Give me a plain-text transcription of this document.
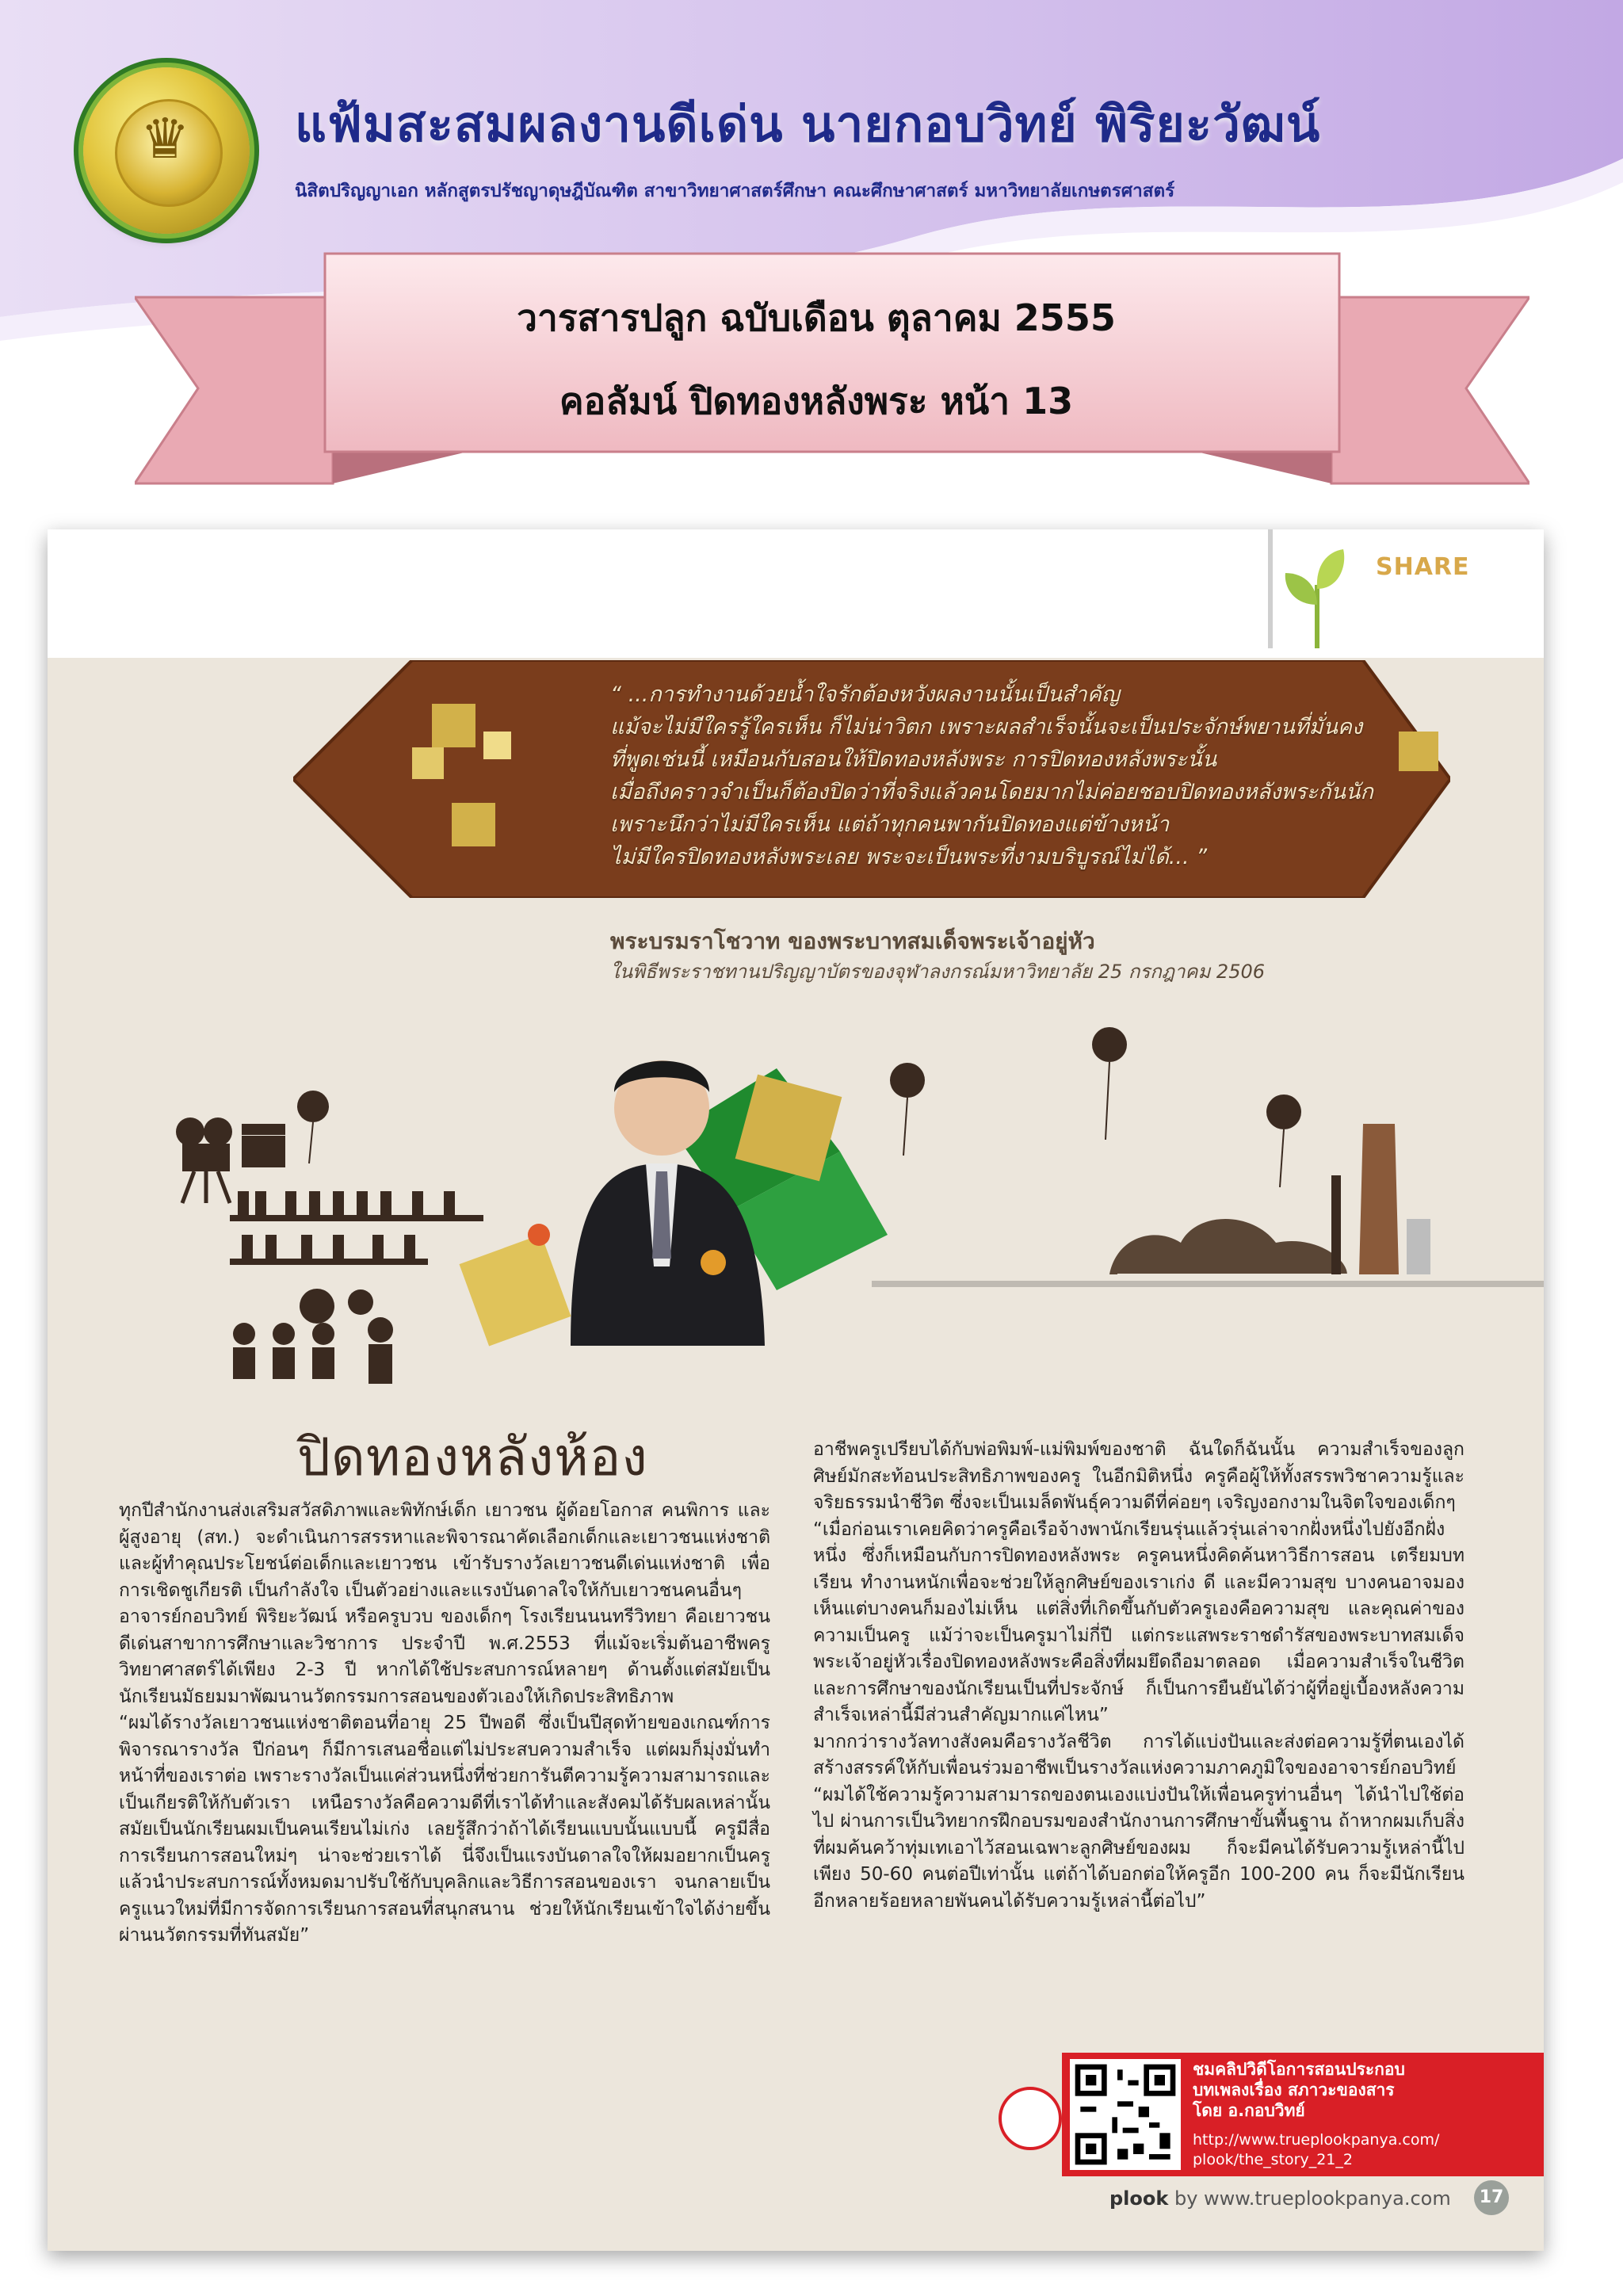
♛ แฟ้มสะสมผลงานดีเด่น นายกอบวิทย์ พิริยะวัฒน์
นิสิตปริญญาเอก หลักสูตรปรัชญาดุษฎีบัณฑิต สาขาวิทยาศาสตร์ศึกษา คณะศึกษาศาสตร์ มหาวิทยาลัยเกษตรศาสตร์
วารสารปลูก ฉบับเดือน ตุลาคม 2555
คอลัมน์ ปิดทองหลังพระ หน้า 13
SHARE
“ ...การทำงานด้วยน้ำใจรักต้องหวังผลงานนั้นเป็นสำคัญ
แม้จะไม่มีใครรู้ใครเห็น ก็ไม่น่าวิตก เพราะผลสำเร็จนั้นจะเป็นประจักษ์พยานที่มั่นคง
ที่พูดเช่นนี้ เหมือนกับสอนให้ปิดทองหลังพระ การปิดทองหลังพระนั้น
เมื่อถึงคราวจำเป็นก็ต้องปิดว่าที่จริงแล้วคนโดยมากไม่ค่อยชอบปิดทองหลังพระกันนัก
เพราะนึกว่าไม่มีใครเห็น แต่ถ้าทุกคนพากันปิดทองแต่ข้างหน้า
ไม่มีใครปิดทองหลังพระเลย พระจะเป็นพระที่งามบริบูรณ์ไม่ได้... ”
พระบรมราโชวาท ของพระบาทสมเด็จพระเจ้าอยู่หัว
ในพิธีพระราชทานปริญญาบัตรของจุฬาลงกรณ์มหาวิทยาลัย 25 กรกฎาคม 2506
ปิดทองหลังห้อง
ทุกปีสำนักงานส่งเสริมสวัสดิภาพและพิทักษ์เด็ก เยาวชน ผู้ด้อยโอกาส คนพิการ และผู้สูงอายุ (สท.) จะดำเนินการสรรหาและพิจารณาคัดเลือกเด็กและเยาวชนแห่งชาติ และผู้ทำคุณประโยชน์ต่อเด็กและเยาวชน เข้ารับรางวัลเยาวชนดีเด่นแห่งชาติ เพื่อการเชิดชูเกียรติ เป็นกำลังใจ เป็นตัวอย่างและแรงบันดาลใจให้กับเยาวชนคนอื่นๆ
อาจารย์กอบวิทย์ พิริยะวัฒน์ หรือครูบวบ ของเด็กๆ โรงเรียนนนทรีวิทยา คือเยาวชนดีเด่นสาขาการศึกษาและวิชาการ ประจำปี พ.ศ.2553 ที่แม้จะเริ่มต้นอาชีพครูวิทยาศาสตร์ได้เพียง 2-3 ปี หากได้ใช้ประสบการณ์หลายๆ ด้านตั้งแต่สมัยเป็นนักเรียนมัธยมมาพัฒนานวัตกรรมการสอนของตัวเองให้เกิดประสิทธิภาพ
“ผมได้รางวัลเยาวชนแห่งชาติตอนที่อายุ 25 ปีพอดี ซึ่งเป็นปีสุดท้ายของเกณฑ์การพิจารณารางวัล ปีก่อนๆ ก็มีการเสนอชื่อแต่ไม่ประสบความสำเร็จ แต่ผมก็มุ่งมั่นทำหน้าที่ของเราต่อ เพราะรางวัลเป็นแค่ส่วนหนึ่งที่ช่วยการันตีความรู้ความสามารถและเป็นเกียรติให้กับตัวเรา เหนือรางวัลคือความดีที่เราได้ทำและสังคมได้รับผลเหล่านั้น สมัยเป็นนักเรียนผมเป็นคนเรียนไม่เก่ง เลยรู้สึกว่าถ้าได้เรียนแบบนั้นแบบนี้ ครูมีสื่อการเรียนการสอนใหม่ๆ น่าจะช่วยเราได้ นี่จึงเป็นแรงบันดาลใจให้ผมอยากเป็นครู แล้วนำประสบการณ์ทั้งหมดมาปรับใช้กับบุคลิกและวิธีการสอนของเรา จนกลายเป็นครูแนวใหม่ที่มีการจัดการเรียนการสอนที่สนุกสนาน ช่วยให้นักเรียนเข้าใจได้ง่ายขึ้นผ่านนวัตกรรมที่ทันสมัย”
อาชีพครูเปรียบได้กับพ่อพิมพ์-แม่พิมพ์ของชาติ ฉันใดก็ฉันนั้น ความสำเร็จของลูกศิษย์มักสะท้อนประสิทธิภาพของครู ในอีกมิติหนึ่ง ครูคือผู้ให้ทั้งสรรพวิชาความรู้และจริยธรรมนำชีวิต ซึ่งจะเป็นเมล็ดพันธุ์ความดีที่ค่อยๆ เจริญงอกงามในจิตใจของเด็กๆ
“เมื่อก่อนเราเคยคิดว่าครูคือเรือจ้างพานักเรียนรุ่นแล้วรุ่นเล่าจากฝั่งหนึ่งไปยังอีกฝั่งหนึ่ง ซึ่งก็เหมือนกับการปิดทองหลังพระ ครูคนหนึ่งคิดค้นหาวิธีการสอน เตรียมบทเรียน ทำงานหนักเพื่อจะช่วยให้ลูกศิษย์ของเราเก่ง ดี และมีความสุข บางคนอาจมองเห็นแต่บางคนก็มองไม่เห็น แต่สิ่งที่เกิดขึ้นกับตัวครูเองคือความสุข และคุณค่าของความเป็นครู แม้ว่าจะเป็นครูมาไม่กี่ปี แต่กระแสพระราชดำรัสของพระบาทสมเด็จพระเจ้าอยู่หัวเรื่องปิดทองหลังพระคือสิ่งที่ผมยึดถือมาตลอด เมื่อความสำเร็จในชีวิตและการศึกษาของนักเรียนเป็นที่ประจักษ์ ก็เป็นการยืนยันได้ว่าผู้ที่อยู่เบื้องหลังความสำเร็จเหล่านี้มีส่วนสำคัญมากแค่ไหน”
มากกว่ารางวัลทางสังคมคือรางวัลชีวิต การได้แบ่งปันและส่งต่อความรู้ที่ตนเองได้สร้างสรรค์ให้กับเพื่อนร่วมอาชีพเป็นรางวัลแห่งความภาคภูมิใจของอาจารย์กอบวิทย์ “ผมได้ใช้ความรู้ความสามารถของตนเองแบ่งปันให้เพื่อนครูท่านอื่นๆ ได้นำไปใช้ต่อไป ผ่านการเป็นวิทยากรฝึกอบรมของสำนักงานการศึกษาขั้นพื้นฐาน ถ้าหากผมเก็บสิ่งที่ผมค้นคว้าทุ่มเทเอาไว้สอนเฉพาะลูกศิษย์ของผม ก็จะมีคนได้รับความรู้เหล่านี้ไปเพียง 50-60 คนต่อปีเท่านั้น แต่ถ้าได้บอกต่อให้ครูอีก 100-200 คน ก็จะมีนักเรียนอีกหลายร้อยหลายพันคนได้รับความรู้เหล่านี้ต่อไป”
ชมคลิปวิดีโอการสอนประกอบ
บทเพลงเรื่อง สภาวะของสาร
โดย อ.กอบวิทย์
http://www.trueplookpanya.com/
plook/the_story_21_2
plook by www.trueplookpanya.com	17
